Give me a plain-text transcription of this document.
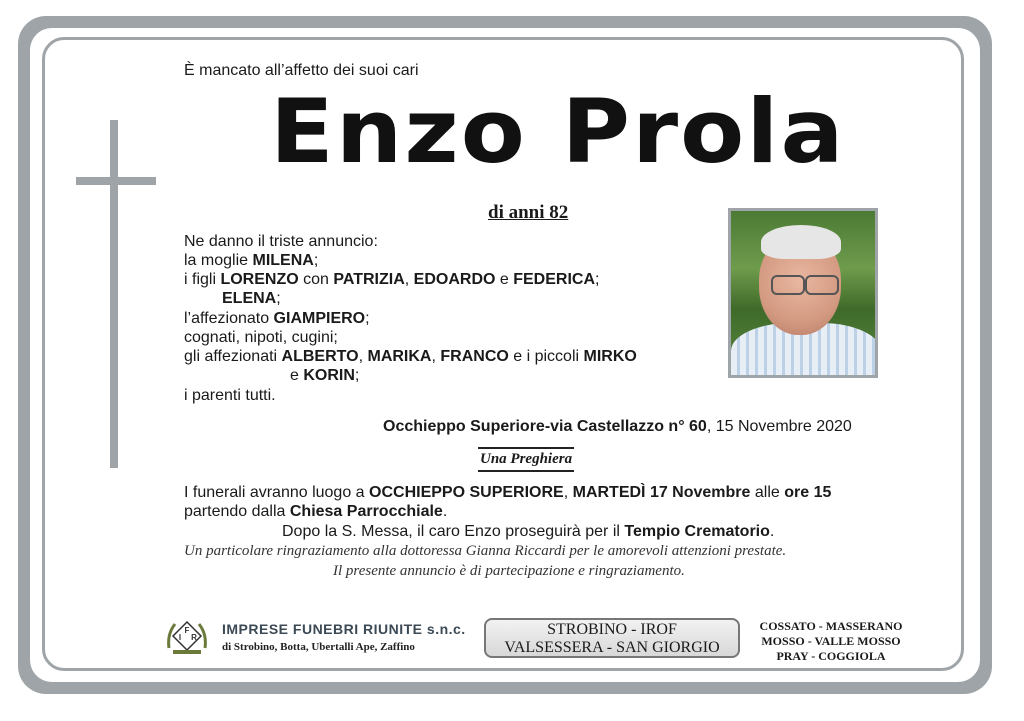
È mancato all’affetto dei suoi cari
Enzo Prola
di anni 82
Ne danno il triste annuncio:
la moglie MILENA;
i figli LORENZO con PATRIZIA, EDOARDO e FEDERICA;
ELENA;
l’affezionato GIAMPIERO;
cognati, nipoti, cugini;
gli affezionati ALBERTO, MARIKA, FRANCO e i piccoli MIRKO
e KORIN;
i parenti tutti.
Occhieppo Superiore-via Castellazzo n° 60, 15 Novembre 2020
Una Preghiera
I funerali avranno luogo a OCCHIEPPO SUPERIORE, MARTEDÌ 17 Novembre alle ore 15
partendo dalla Chiesa Parrocchiale.
Dopo la S. Messa, il caro Enzo proseguirà per il Tempio Crematorio.
Un particolare ringraziamento alla dottoressa Gianna Riccardi per le amorevoli attenzioni prestate.
Il presente annuncio è di partecipazione e ringraziamento.
I
F
R
IMPRESE FUNEBRI RIUNITE s.n.c.
di Strobino, Botta, Ubertalli Ape, Zaffino
STROBINO - IROF
VALSESSERA - SAN GIORGIO
COSSATO - MASSERANO
MOSSO - VALLE MOSSO
PRAY - COGGIOLA
